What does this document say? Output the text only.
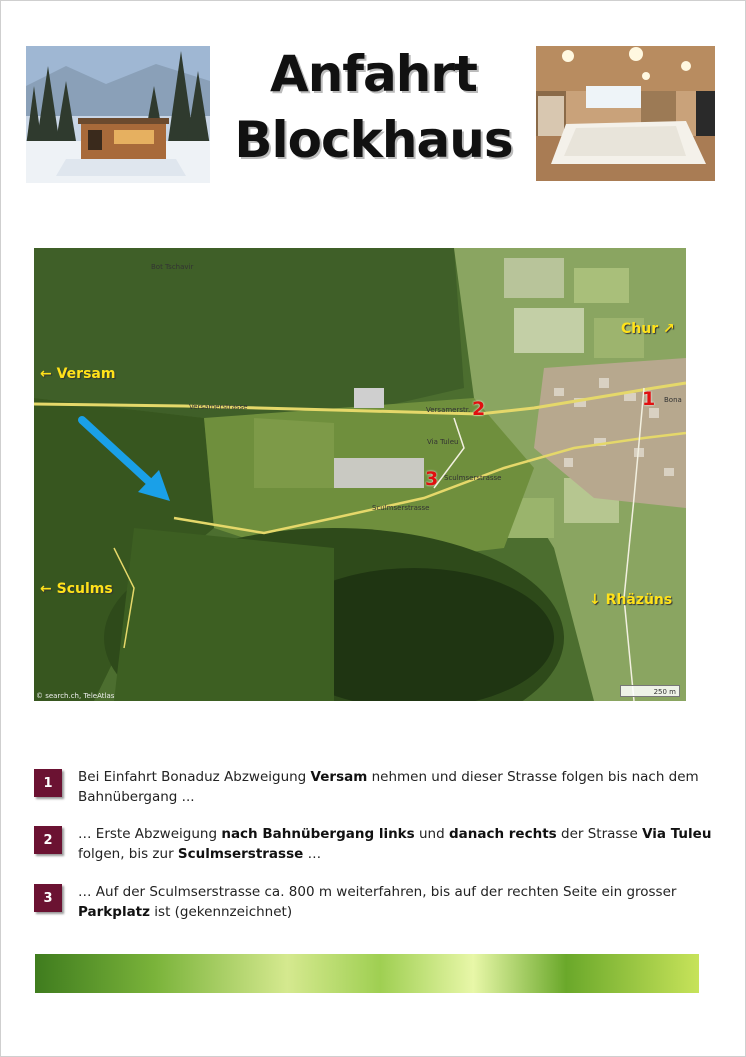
Anfahrt
Blockhaus
Bot Tschavir
Versamerstrasse	Versamerstr.
Sculmserstrasse
Sculmserstrasse
Via Tuleu
Bona
← Versam
Chur ↗
← Sculms
↓ Rhäzüns
1
2
3
© search.ch, TeleAtlas	250 m
1	Bei Einfahrt Bonaduz Abzweigung Versam nehmen und dieser Strasse folgen bis nach dem Bahnübergang ...
2	… Erste Abzweigung nach Bahnübergang links und danach rechts der Strasse Via Tuleu folgen, bis zur Sculmserstrasse …
3	… Auf der Sculmserstrasse ca. 800 m weiterfahren, bis auf der rechten Seite ein grosser Parkplatz ist (gekennzeichnet)
